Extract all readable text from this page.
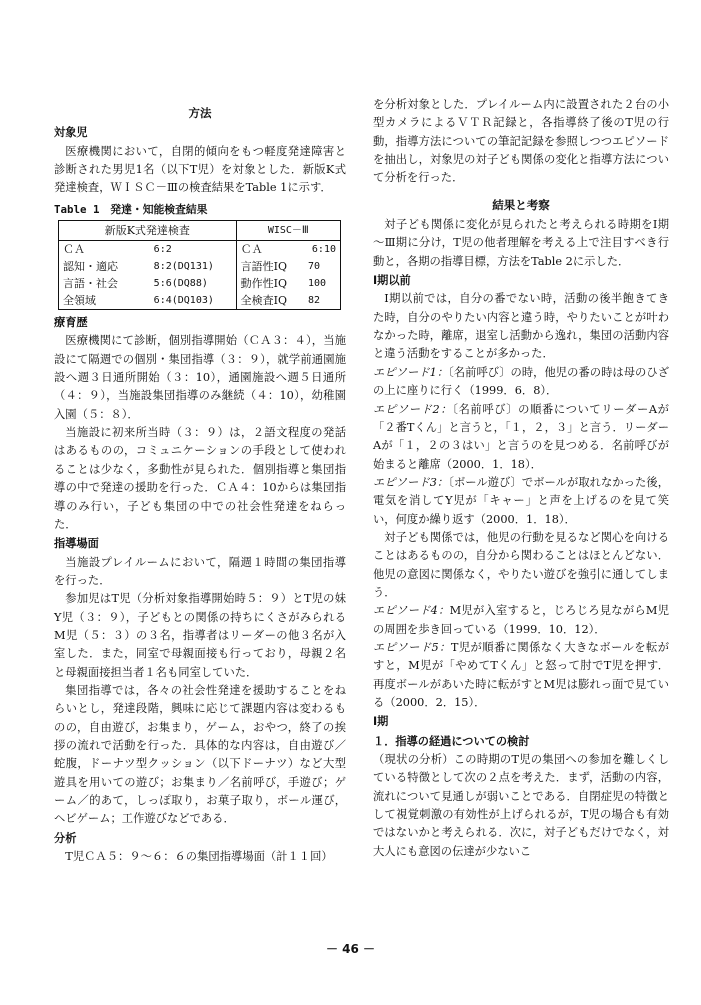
方法

対象児

医療機関において，自閉的傾向をもつ軽度発達障害と診断された男児1名（以下T児）を対象とした．新版K式発達検査，ＷＩＳＣ－Ⅲの検査結果をTable 1に示す．

Table 1　発達・知能検査結果
新版K式発達検査	WISC－Ⅲ

ＣＡ 6:2	ＣＡ 6:10

認知・適応 8:2(DQ131)	言語性IQ 70

言語・社会 5:6(DQ88)	動作性IQ 100

全領域 6:4(DQ103)	全検査IQ 82

療育歴

医療機関にて診断，個別指導開始（ＣＡ３：４），当施設にて隔週での個別・集団指導（３：９），就学前通園施設へ週３日通所開始（３：10），通園施設へ週５日通所（４：９），当施設集団指導のみ継続（４：10），幼稚園入園（５：８）．

当施設に初来所当時（３：９）は，２語文程度の発話はあるものの，コミュニケーションの手段として使われることは少なく，多動性が見られた．個別指導と集団指導の中で発達の援助を行った．ＣＡ４：10からは集団指導のみ行い，子ども集団の中での社会性発達をねらった．

指導場面

当施設プレイルームにおいて，隔週１時間の集団指導を行った．

参加児はT児（分析対象指導開始時５：９）とT児の妹Y児（３：９），子どもとの関係の持ちにくさがみられるM児（５：３）の３名，指導者はリーダーの他３名が入室した．また，同室で母親面接も行っており，母親２名と母親面接担当者１名も同室していた．

集団指導では，各々の社会性発達を援助することをねらいとし，発達段階，興味に応じて課題内容は変わるものの，自由遊び，お集まり，ゲーム，おやつ，終了の挨拶の流れで活動を行った．具体的な内容は，自由遊び／蛇腹，ドーナツ型クッション（以下ドーナツ）など大型遊具を用いての遊び；お集まり／名前呼び，手遊び；ゲーム／的あて，しっぽ取り，お菓子取り，ボール運び，ヘビゲーム；工作遊びなどである．

分析

T児ＣＡ５：９～６：６の集団指導場面（計１１回）

を分析対象とした．プレイルーム内に設置された２台の小型カメラによるＶＴＲ記録と，各指導終了後のT児の行動，指導方法についての筆記記録を参照しつつエピソードを抽出し，対象児の対子ども関係の変化と指導方法について分析を行った．

結果と考察

対子ども関係に変化が見られたと考えられる時期をⅠ期～Ⅲ期に分け，T児の他者理解を考える上で注目すべき行動と，各期の指導目標，方法をTable 2に示した．

Ⅰ期以前

Ⅰ期以前では，自分の番でない時，活動の後半飽きてきた時，自分のやりたい内容と違う時，やりたいことが叶わなかった時，離席，退室し活動から逸れ，集団の活動内容と違う活動をすることが多かった．

エピソード1：〔名前呼び〕の時，他児の番の時は母のひざの上に座りに行く（1999．6．8）．

エピソード2：〔名前呼び〕の順番についてリーダーAが「２番Tくん」と言うと，「１，２，３」と言う．リーダーAが「１，２の３はい」と言うのを見つめる．名前呼びが始まると離席（2000．1．18）．

エピソード3：〔ボール遊び〕でボールが取れなかった後，電気を消してY児が「キャー」と声を上げるのを見て笑い，何度か繰り返す（2000．1．18）．

対子ども関係では，他児の行動を見るなど関心を向けることはあるものの，自分から関わることはほとんどない．他児の意図に関係なく，やりたい遊びを強引に通してしまう．

エピソード4：M児が入室すると，じろじろ見ながらM児の周囲を歩き回っている（1999．10．12）．

エピソード5：T児が順番に関係なく大きなボールを転がすと，M児が「やめてTくん」と怒って肘でT児を押す．再度ボールがあいた時に転がすとM児は膨れっ面で見ている（2000．2．15）．

Ⅰ期

１．指導の経過についての検討

（現状の分析）この時期のT児の集団への参加を難しくしている特徴として次の２点を考えた．まず，活動の内容，流れについて見通しが弱いことである．自閉症児の特徴として視覚刺激の有効性が上げられるが，T児の場合も有効ではないかと考えられる．次に，対子どもだけでなく，対大人にも意図の伝達が少ないこ

－ 46 －
